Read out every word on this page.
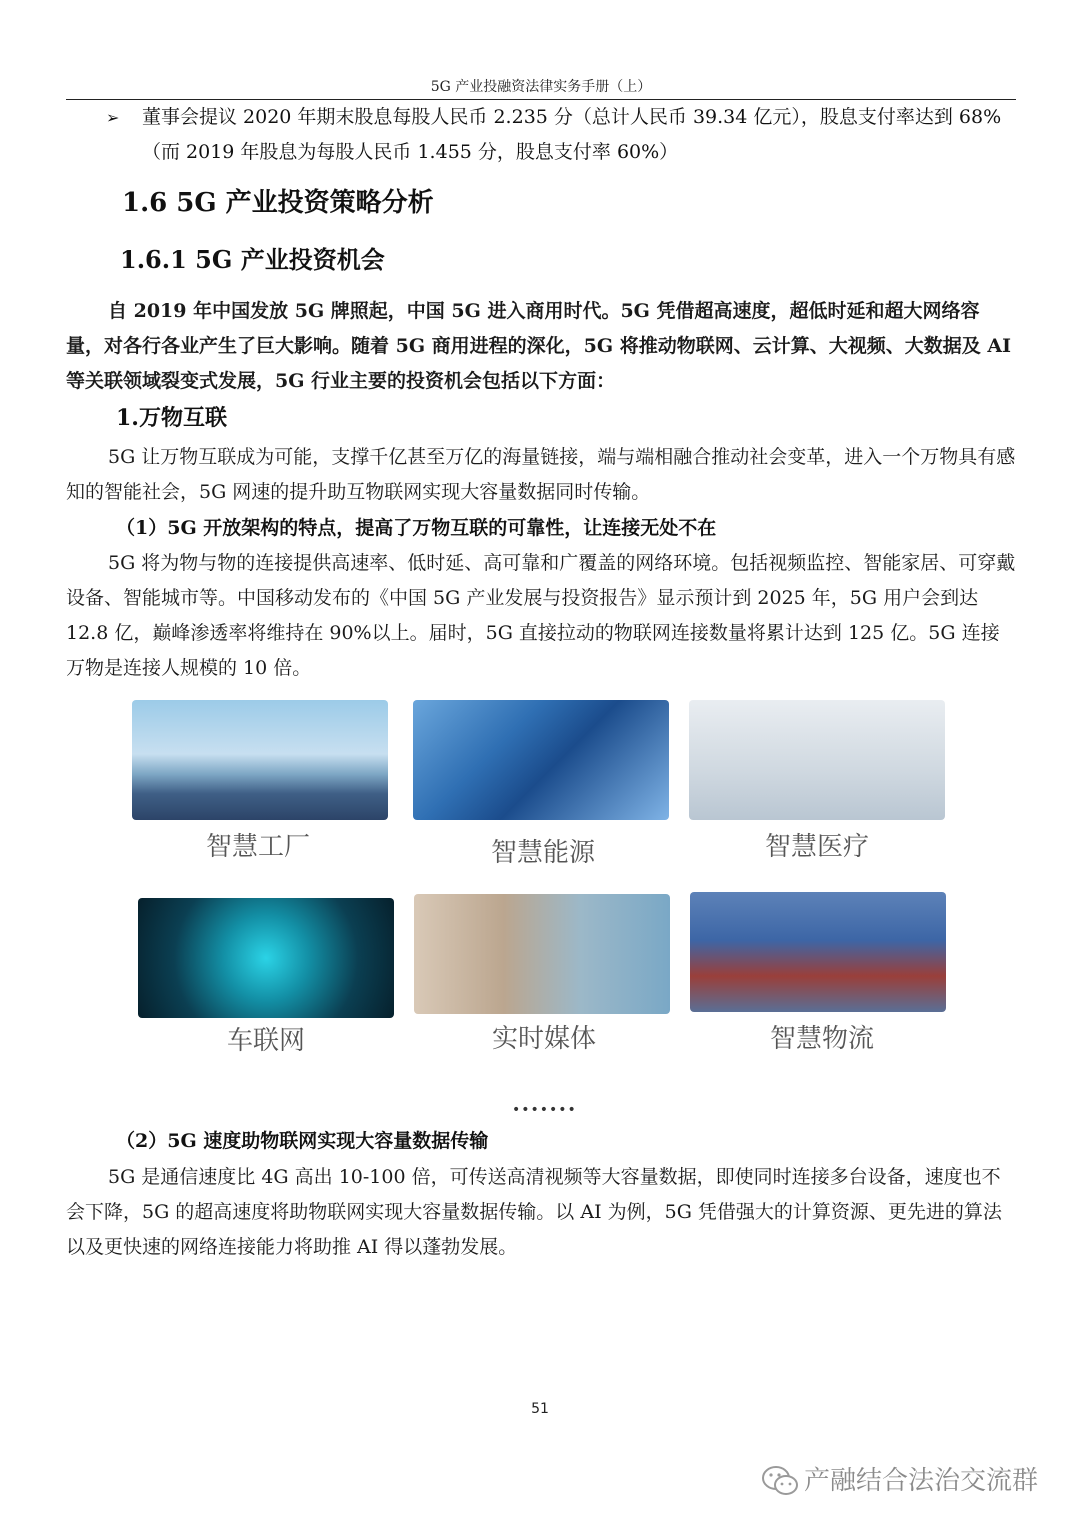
5G 产业投融资法律实务手册（上）
➢	董事会提议 2020 年期末股息每股人民币 2.235 分（总计人民币 39.34 亿元），股息支付率达到 68%（而 2019 年股息为每股人民币 1.455 分，股息支付率 60%）
1.6 5G 产业投资策略分析
1.6.1 5G 产业投资机会

自 2019 年中国发放 5G 牌照起，中国 5G 进入商用时代。5G 凭借超高速度，超低时延和超大网络容量，对各行各业产生了巨大影响。随着 5G 商用进程的深化，5G 将推动物联网、云计算、大视频、大数据及 AI 等关联领域裂变式发展，5G 行业主要的投资机会包括以下方面：

1.万物互联

5G 让万物互联成为可能，支撑千亿甚至万亿的海量链接，端与端相融合推动社会变革，进入一个万物具有感知的智能社会，5G 网速的提升助互物联网实现大容量数据同时传输。

（1）5G 开放架构的特点，提高了万物互联的可靠性，让连接无处不在

5G 将为物与物的连接提供高速率、低时延、高可靠和广覆盖的网络环境。包括视频监控、智能家居、可穿戴设备、智能城市等。中国移动发布的《中国 5G 产业发展与投资报告》显示预计到 2025 年，5G 用户会到达 12.8 亿，巅峰渗透率将维持在 90%以上。届时，5G 直接拉动的物联网连接数量将累计达到 125 亿。5G 连接万物是连接人规模的 10 倍。

智慧工厂	智慧能源	智慧医疗
车联网	实时媒体	智慧物流
•••••••
（2）5G 速度助物联网实现大容量数据传输

5G 是通信速度比 4G 高出 10-100 倍，可传送高清视频等大容量数据，即使同时连接多台设备，速度也不会下降，5G 的超高速度将助物联网实现大容量数据传输。以 AI 为例，5G 凭借强大的计算资源、更先进的算法以及更快速的网络连接能力将助推 AI 得以蓬勃发展。

51
产融结合法治交流群
